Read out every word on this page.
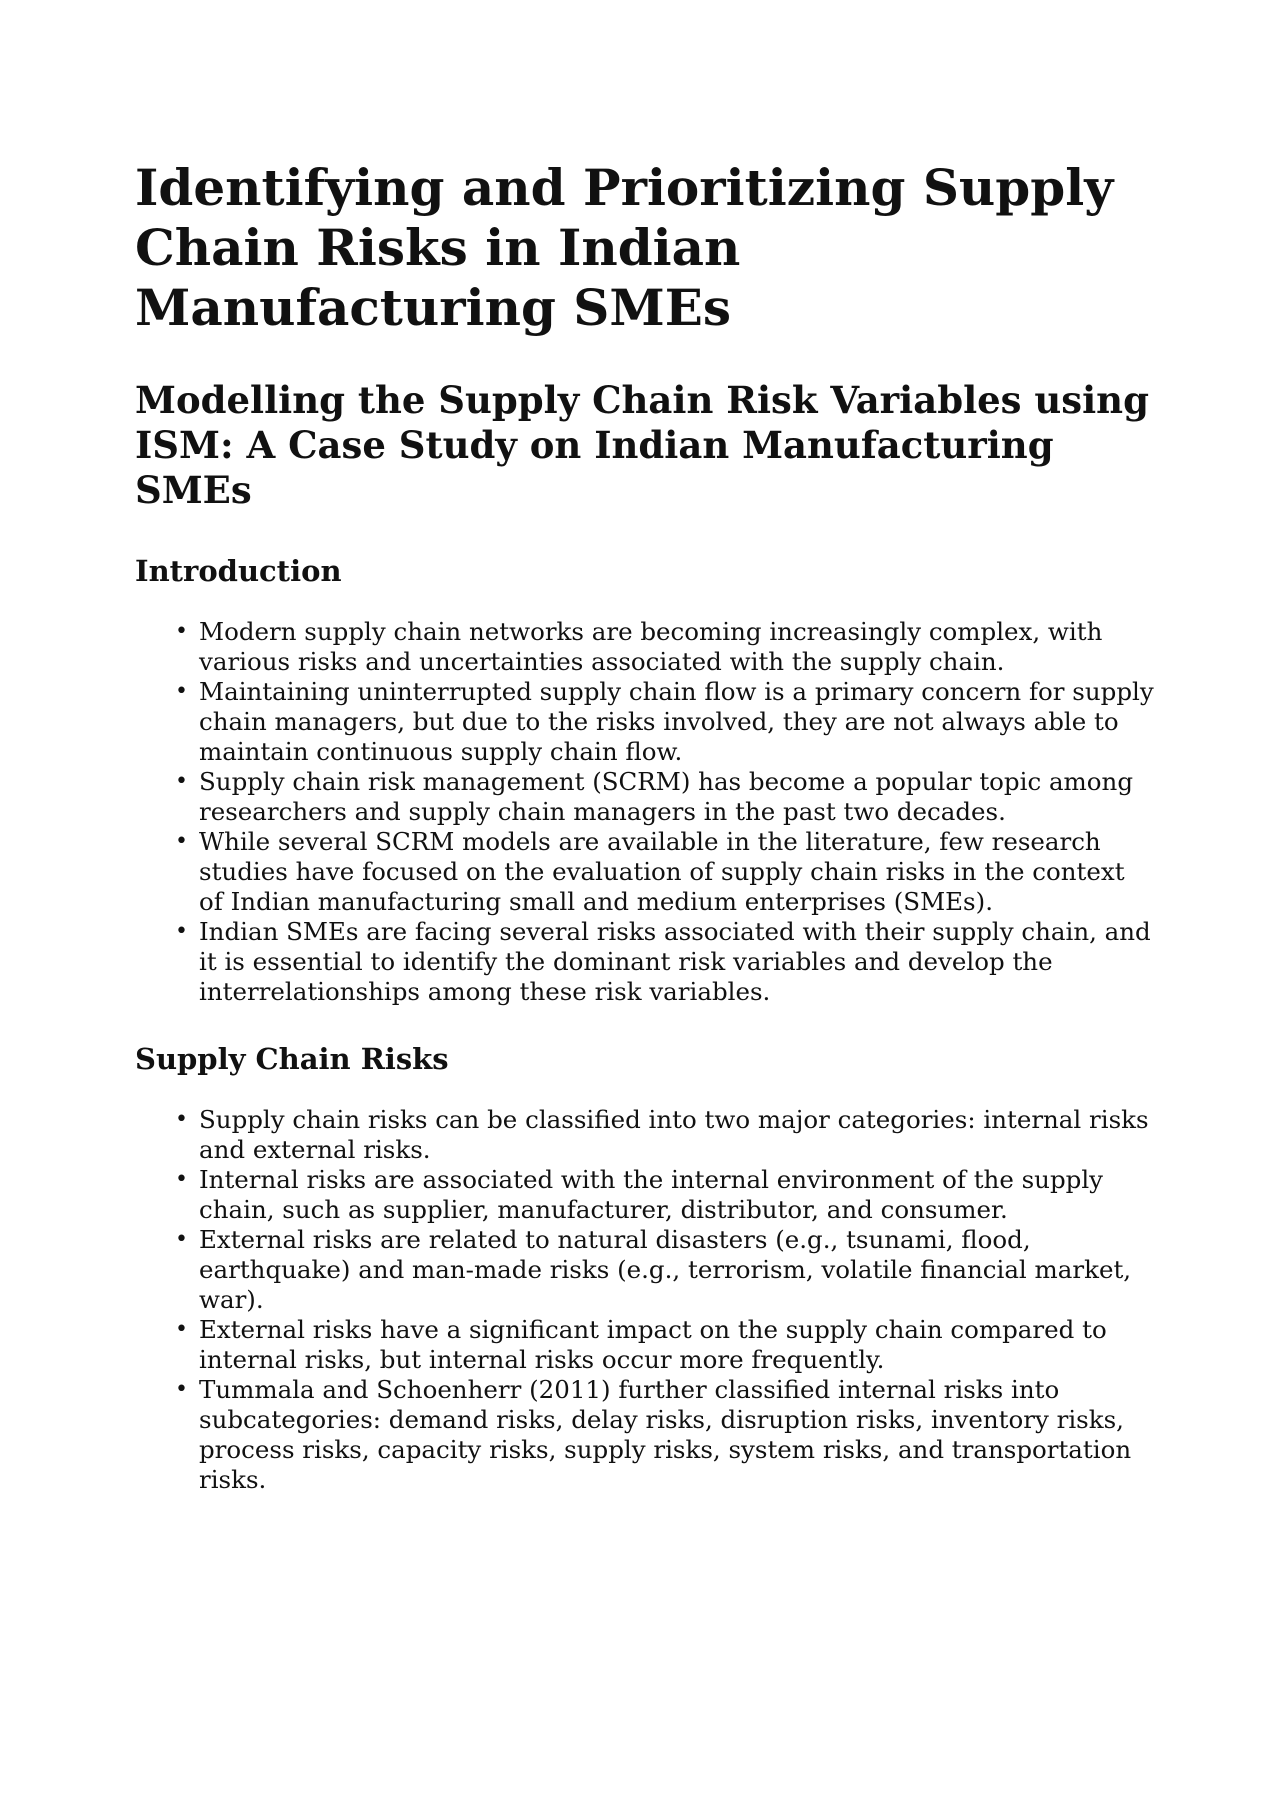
Identifying and Prioritizing Supply Chain Risks in Indian Manufacturing SMEs
Modelling the Supply Chain Risk Variables using ISM: A Case Study on Indian Manufacturing SMEs
Introduction
• Modern supply chain networks are becoming increasingly complex, with various risks and uncertainties associated with the supply chain.
• Maintaining uninterrupted supply chain flow is a primary concern for supply chain managers, but due to the risks involved, they are not always able to maintain continuous supply chain flow.
• Supply chain risk management (SCRM) has become a popular topic among researchers and supply chain managers in the past two decades.
• While several SCRM models are available in the literature, few research studies have focused on the evaluation of supply chain risks in the context of Indian manufacturing small and medium enterprises (SMEs).
• Indian SMEs are facing several risks associated with their supply chain, and it is essential to identify the dominant risk variables and develop the interrelationships among these risk variables.
Supply Chain Risks
• Supply chain risks can be classified into two major categories: internal risks and external risks.
• Internal risks are associated with the internal environment of the supply chain, such as supplier, manufacturer, distributor, and consumer.
• External risks are related to natural disasters (e.g., tsunami, flood, earthquake) and man-made risks (e.g., terrorism, volatile financial market, war).
• External risks have a significant impact on the supply chain compared to internal risks, but internal risks occur more frequently.
• Tummala and Schoenherr (2011) further classified internal risks into subcategories: demand risks, delay risks, disruption risks, inventory risks, process risks, capacity risks, supply risks, system risks, and transportation risks.
